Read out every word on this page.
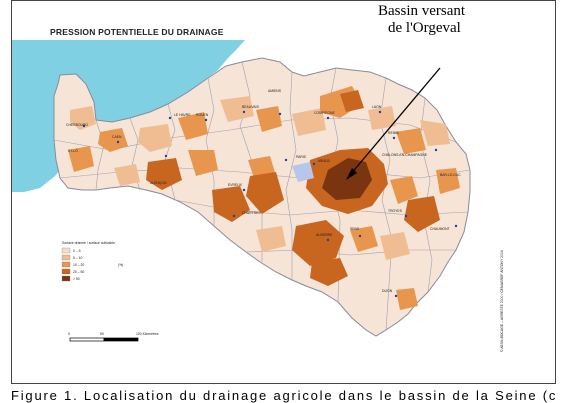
CHERBOURG
ST-LÔ
CAEN
ALENÇON
LE HAVRE ROUEN
BEAUVAIS
AMIENS
COMPIÈGNE
LAON
REIMS
CHÂLONS-EN-CHAMPAGNE
PARIS
MEAUX
EVREUX
CHARTRES	TROYES
BAR-LE-DUC
CHAUMONT
AUXERRE
SENS
DIJON
Surface drainée / surface cultivable
0 – 5
5 – 10
10 – 20
20 – 50
> 50
(%)
0	50	100 Kilomètres	© AESN-BOCAGE – AGRESTE 2000 / CEMAGREF ANTONY 2004
PRESSION POTENTIELLE DU DRAINAGE
Bassin versant
de l'Orgeval
Figure 1. Localisation du drainage agricole dans le bassin de la Seine (c
